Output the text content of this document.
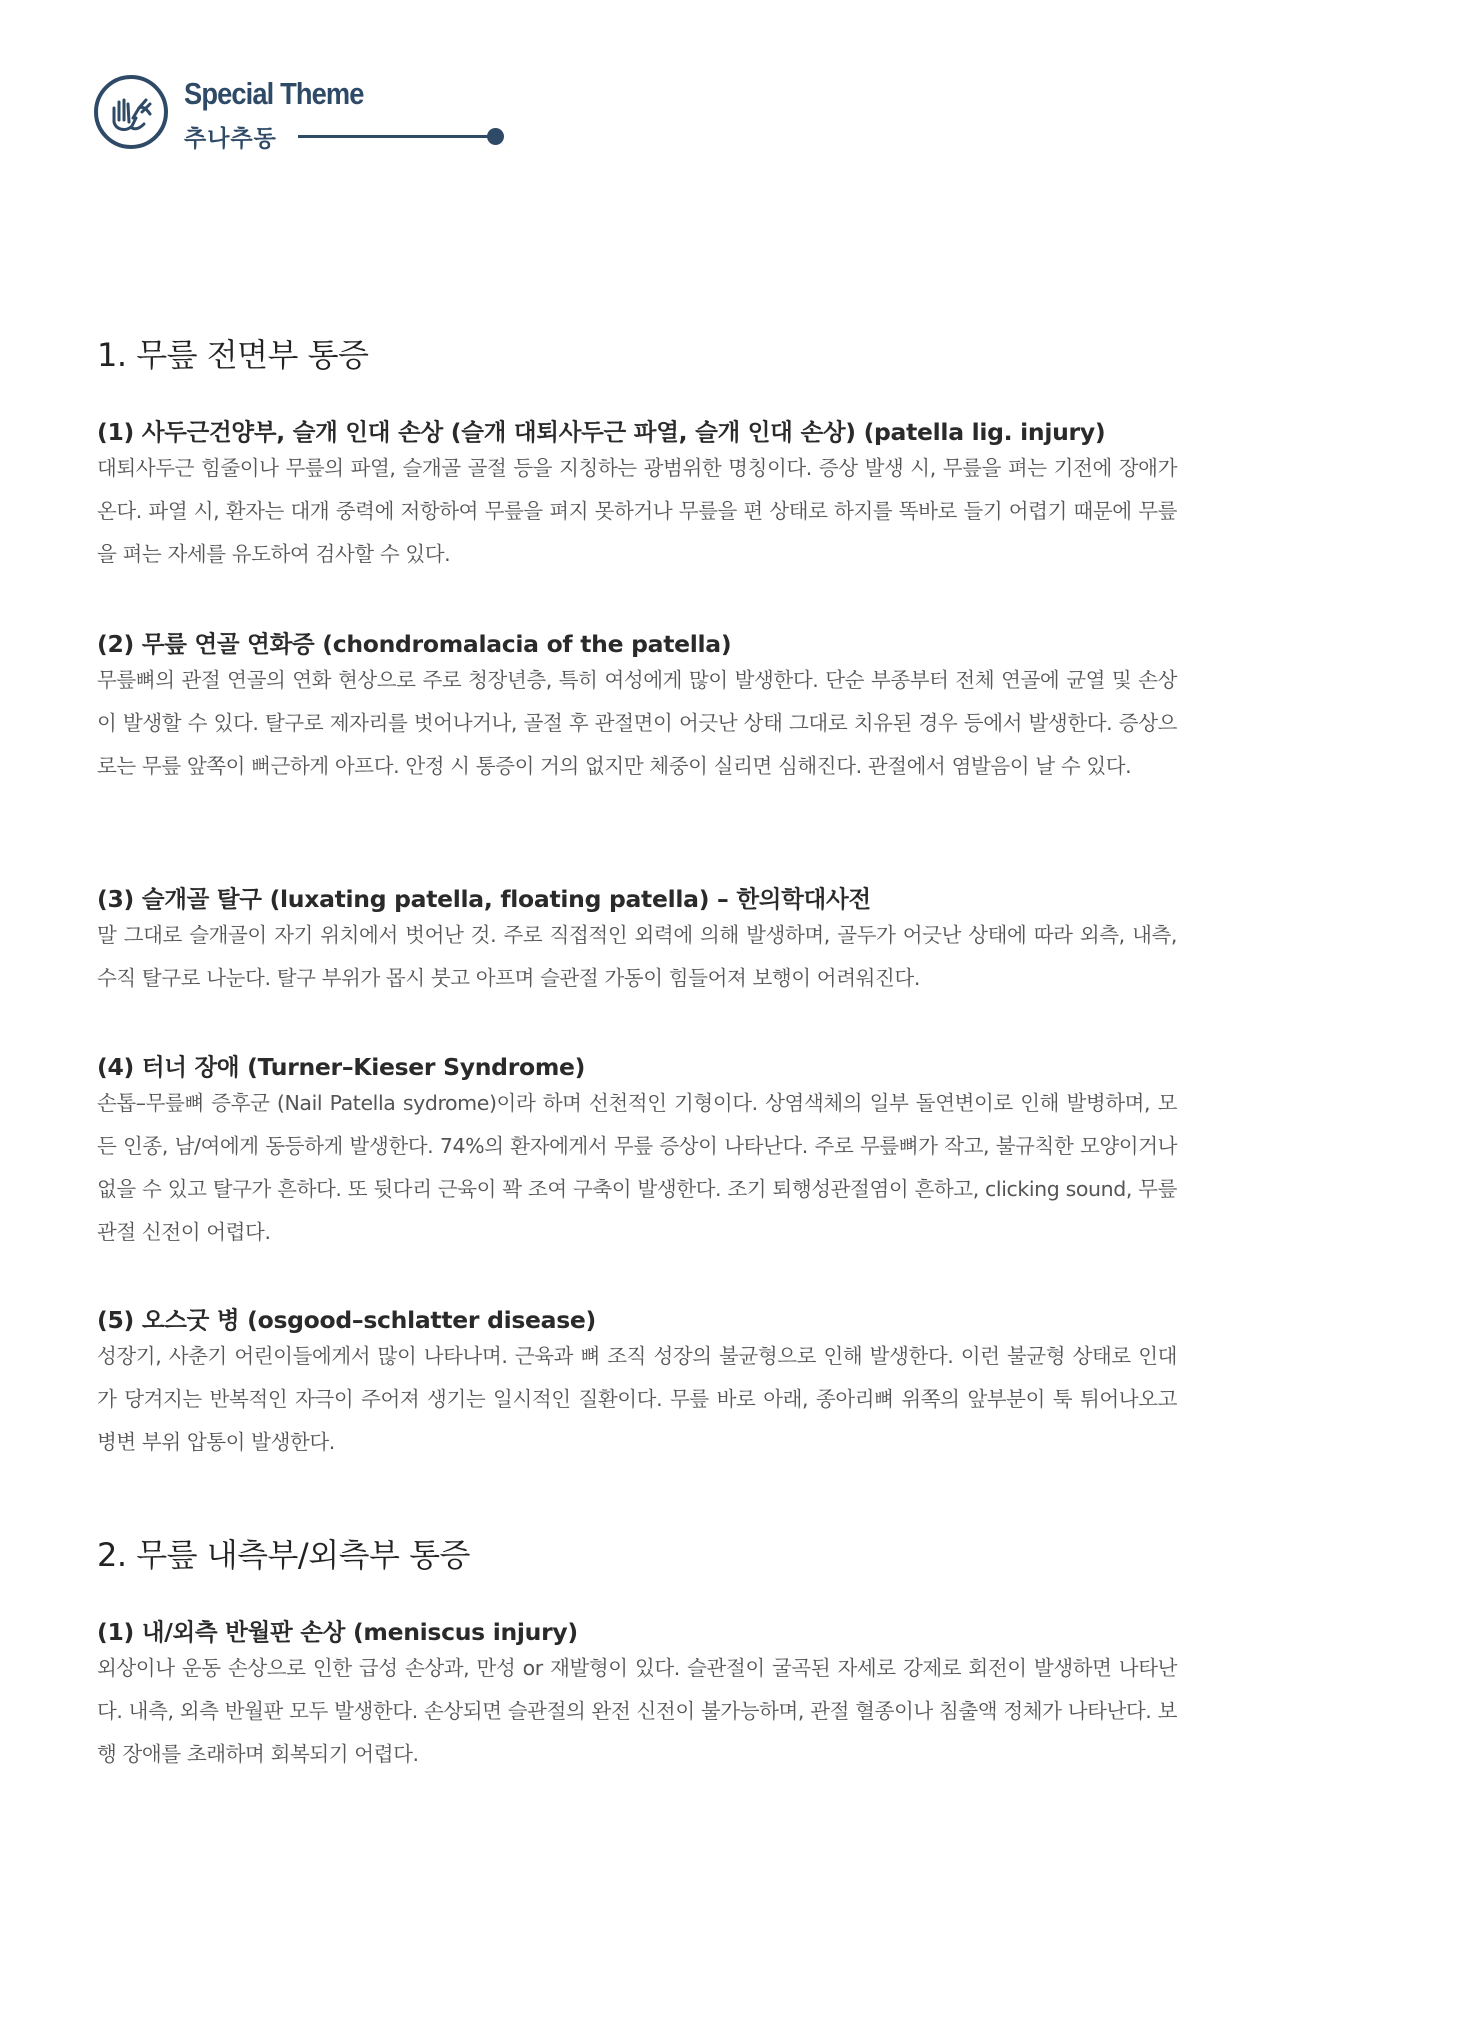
Special Theme
추나추동
1. 무릎 전면부 통증
(1) 사두근건양부, 슬개 인대 손상 (슬개 대퇴사두근 파열, 슬개 인대 손상) (patella lig. injury)

대퇴사두근 힘줄이나 무릎의 파열, 슬개골 골절 등을 지칭하는 광범위한 명칭이다. 증상 발생 시, 무릎을 펴는 기전에 장애가 온다. 파열 시, 환자는 대개 중력에 저항하여 무릎을 펴지 못하거나 무릎을 편 상태로 하지를 똑바로 들기 어렵기 때문에 무릎을 펴는 자세를 유도하여 검사할 수 있다.

(2) 무릎 연골 연화증 (chondromalacia of the patella)

무릎뼈의 관절 연골의 연화 현상으로 주로 청장년층, 특히 여성에게 많이 발생한다. 단순 부종부터 전체 연골에 균열 및 손상이 발생할 수 있다. 탈구로 제자리를 벗어나거나, 골절 후 관절면이 어긋난 상태 그대로 치유된 경우 등에서 발생한다. 증상으로는 무릎 앞쪽이 뻐근하게 아프다. 안정 시 통증이 거의 없지만 체중이 실리면 심해진다. 관절에서 염발음이 날 수 있다.

(3) 슬개골 탈구 (luxating patella, floating patella) – 한의학대사전

말 그대로 슬개골이 자기 위치에서 벗어난 것. 주로 직접적인 외력에 의해 발생하며, 골두가 어긋난 상태에 따라 외측, 내측, 수직 탈구로 나눈다. 탈구 부위가 몹시 붓고 아프며 슬관절 가동이 힘들어져 보행이 어려워진다.

(4) 터너 장애 (Turner–Kieser Syndrome)

손톱–무릎뼈 증후군 (Nail Patella sydrome)이라 하며 선천적인 기형이다. 상염색체의 일부 돌연변이로 인해 발병하며, 모든 인종, 남/여에게 동등하게 발생한다. 74%의 환자에게서 무릎 증상이 나타난다. 주로 무릎뼈가 작고, 불규칙한 모양이거나 없을 수 있고 탈구가 흔하다. 또 뒷다리 근육이 꽉 조여 구축이 발생한다. 조기 퇴행성관절염이 흔하고, clicking sound, 무릎관절 신전이 어렵다.

(5) 오스굿 병 (osgood–schlatter disease)

성장기, 사춘기 어린이들에게서 많이 나타나며. 근육과 뼈 조직 성장의 불균형으로 인해 발생한다. 이런 불균형 상태로 인대가 당겨지는 반복적인 자극이 주어져 생기는 일시적인 질환이다. 무릎 바로 아래, 종아리뼈 위쪽의 앞부분이 툭 튀어나오고 병변 부위 압통이 발생한다.

2. 무릎 내측부/외측부 통증
(1) 내/외측 반월판 손상 (meniscus injury)

외상이나 운동 손상으로 인한 급성 손상과, 만성 or 재발형이 있다. 슬관절이 굴곡된 자세로 강제로 회전이 발생하면 나타난다. 내측, 외측 반월판 모두 발생한다. 손상되면 슬관절의 완전 신전이 불가능하며, 관절 혈종이나 침출액 정체가 나타난다. 보행 장애를 초래하며 회복되기 어렵다.
